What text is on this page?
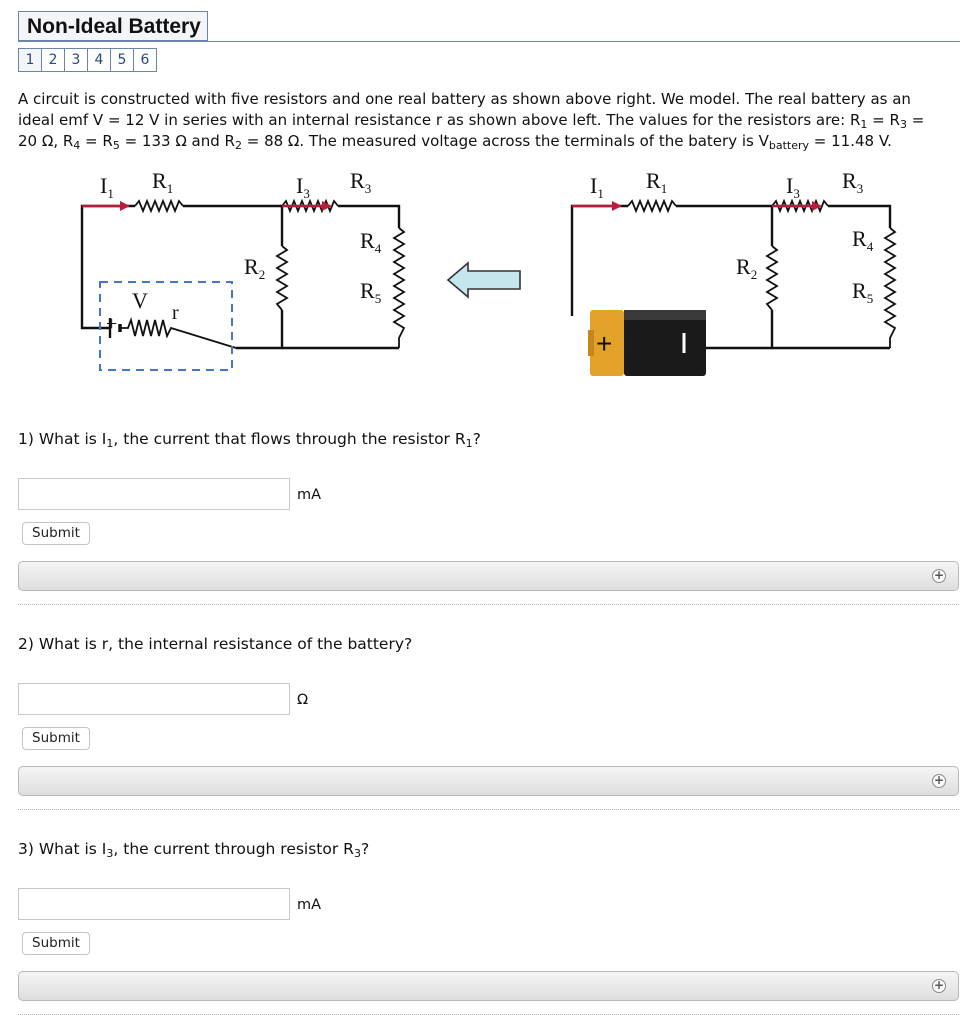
Non-Ideal Battery
1	2	3	4	5	6
A circuit is constructed with five resistors and one real battery as shown above right. We model. The real battery as an
ideal emf V = 12 V in series with an internal resistance r as shown above left. The values for the resistors are: $R_1 = R_3$ =
20 Ω, $R_4 = R_5 = 133$ Ω and $R_2 = 88$ Ω. The measured voltage across the terminals of the batery is $V_{battery} = 11.48$ V.
$I_1$
$R_1$	$I_3$
$R_3$
$R_4$
$R_2$
$R_5$
V
+	r
+
$I_1$
$R_1$	$I_3$
$R_3$
$R_4$
$R_2$
$R_5$
1) What is $I_1$, the current that flows through the resistor $R_1$?
mA
Submit
+
2) What is r, the internal resistance of the battery?
Ω
Submit
+
3) What is $I_3$, the current through resistor $R_3$?
mA
Submit
+
